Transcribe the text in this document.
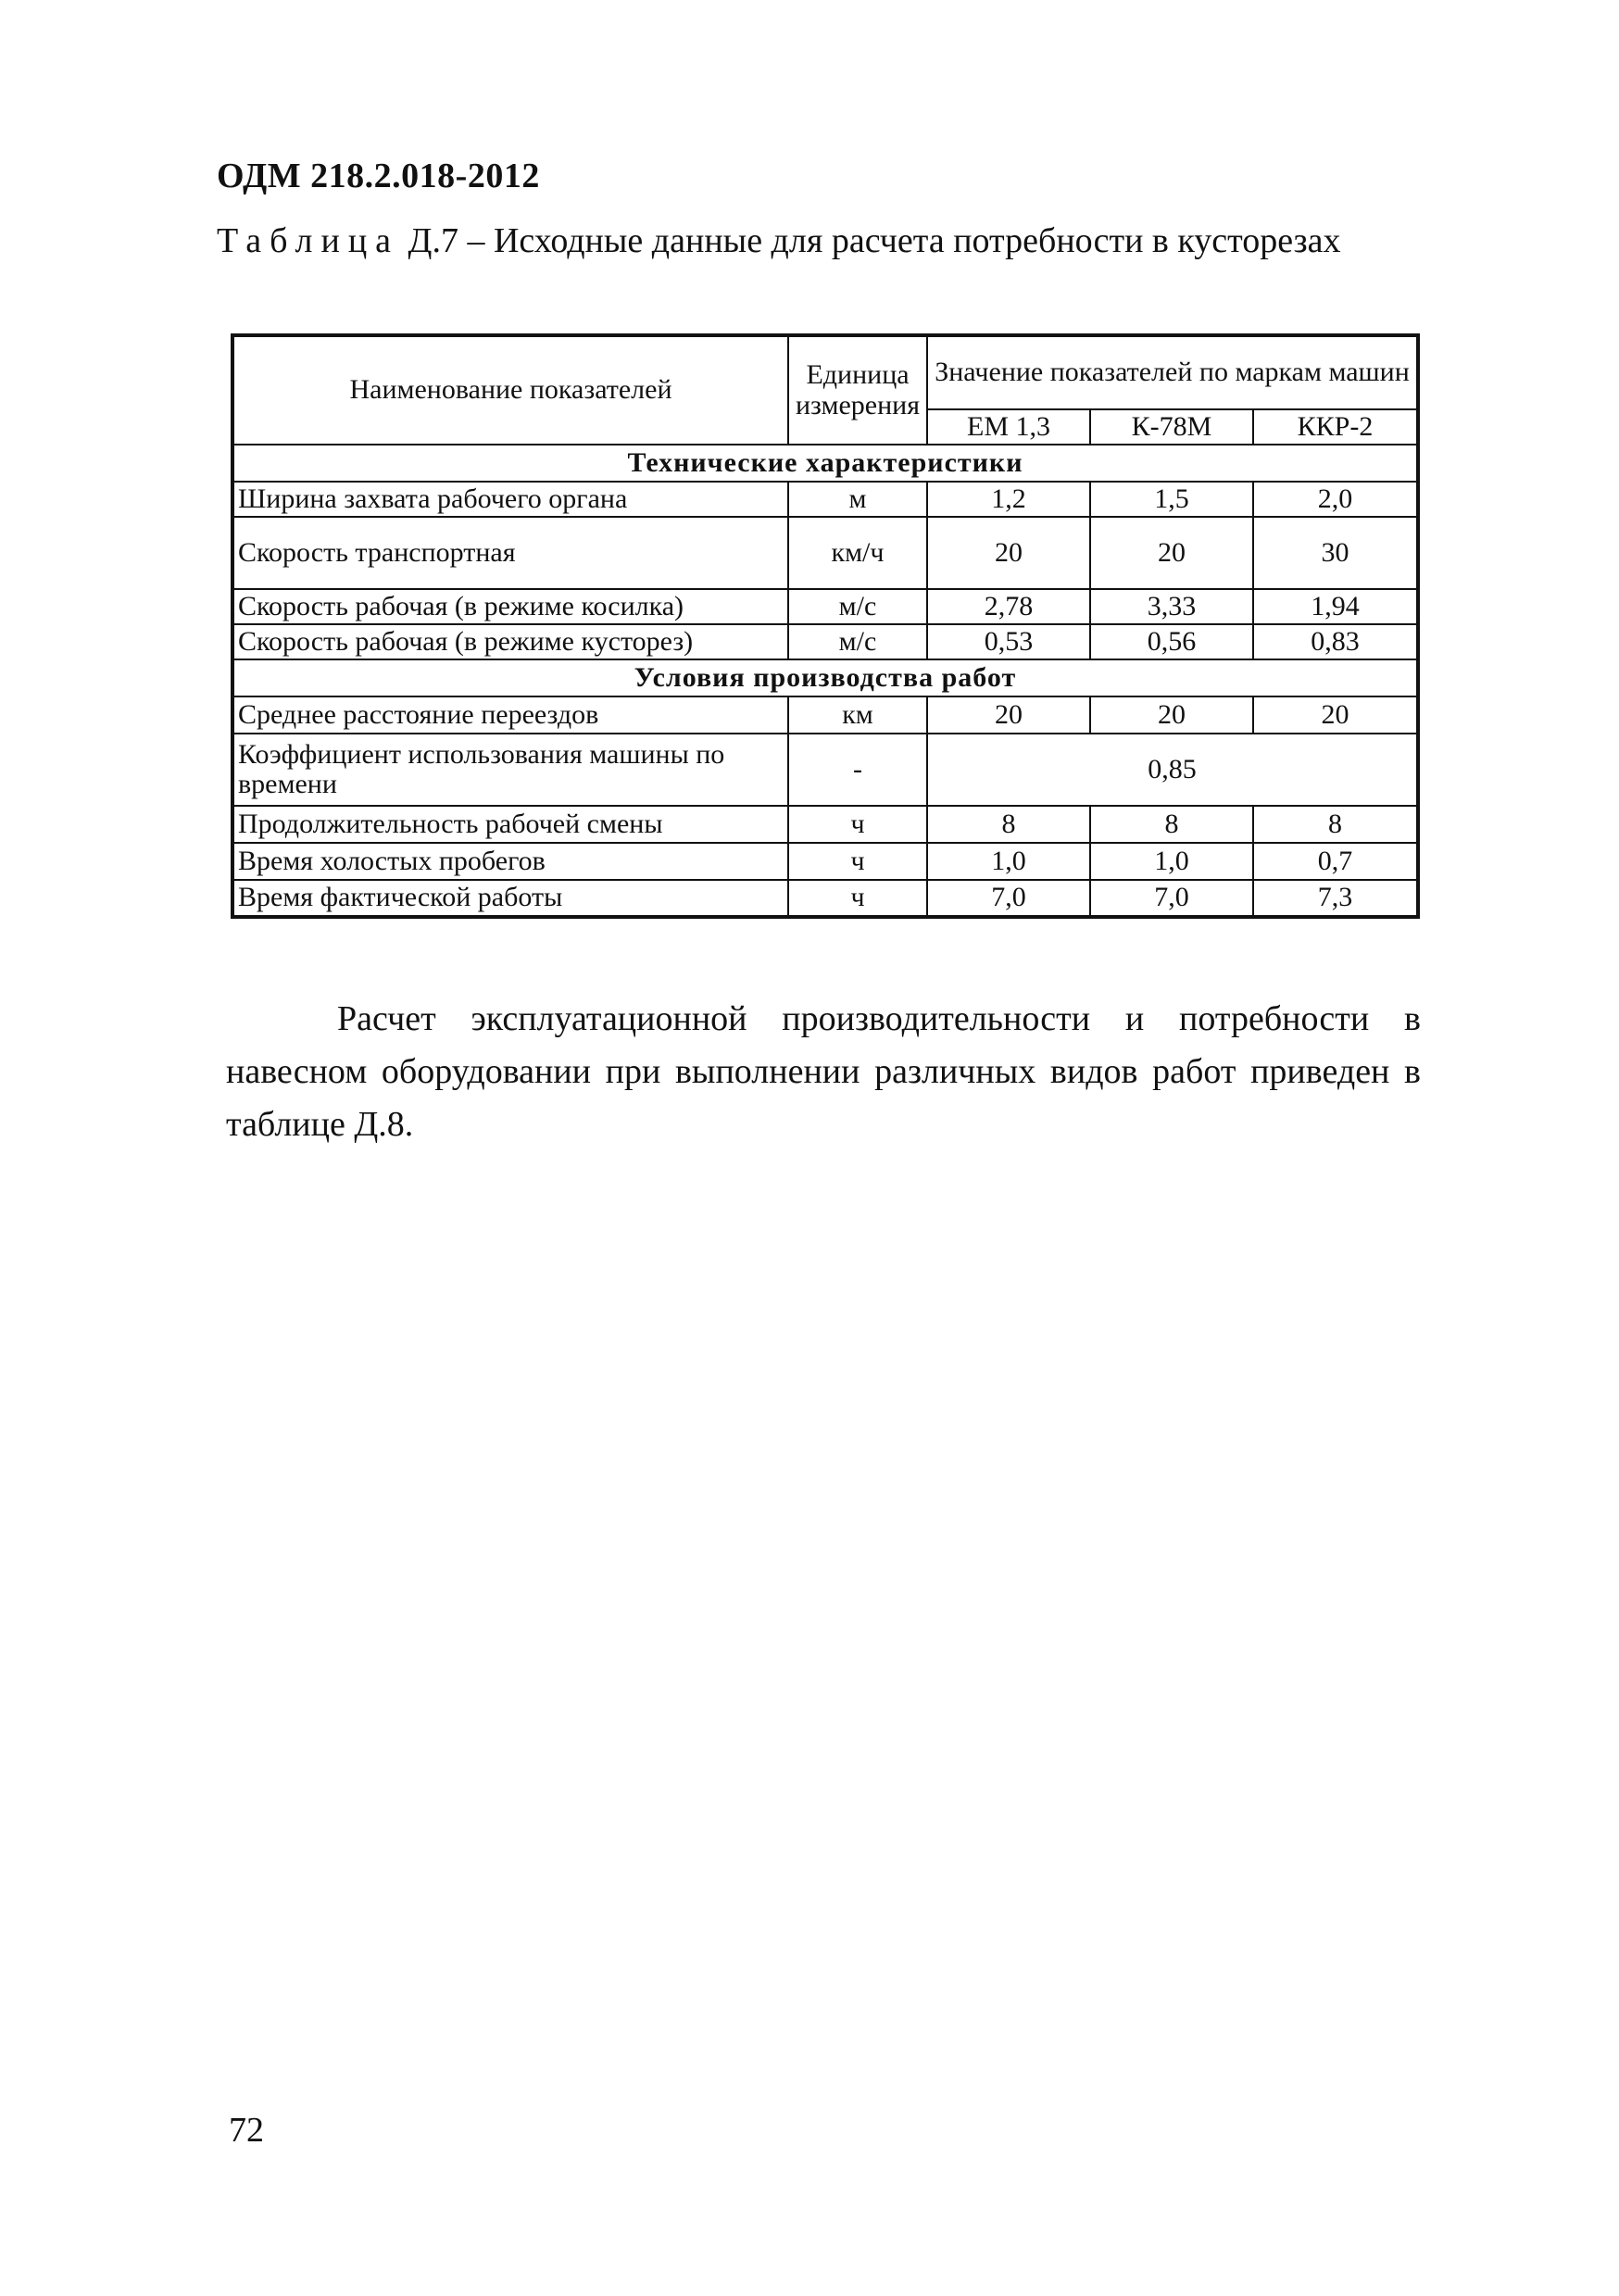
ОДМ 218.2.018-2012
Таблица Д.7 – Исходные данные для расчета потребности в кусторезах
Наименование показателей	Единица измерения	Значение показателей по маркам машин		
		ЕМ 1,3	К-78М	ККР-2
Технические характеристики				
Ширина захвата рабочего органа	м	1,2	1,5	2,0
Скорость транспортная	км/ч	20	20	30
Скорость рабочая (в режиме косилка)	м/с	2,78	3,33	1,94
Скорость рабочая (в режиме кусторез)	м/с	0,53	0,56	0,83
Условия производства работ				
Среднее расстояние переездов	км	20	20	20
Коэффициент использования машины по времени	-	0,85		
Продолжительность рабочей смены	ч	8	8	8
Время холостых пробегов	ч	1,0	1,0	0,7
Время фактической работы	ч	7,0	7,0	7,3
Расчет эксплуатационной производительности и потребности в навесном оборудовании при выполнении различных видов работ приведен в таблице Д.8.
72
